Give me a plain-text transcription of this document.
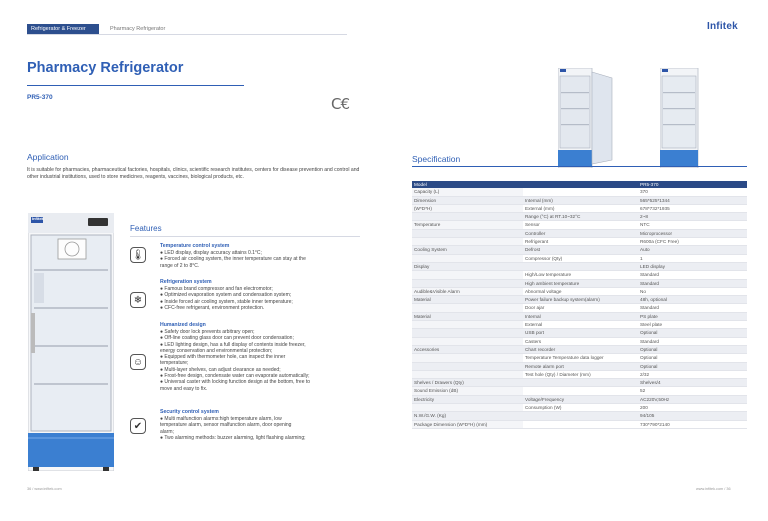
Refrigerator & Freezer	Pharmacy Refrigerator	Infitek
Pharmacy Refrigerator
PR5-370	C€
Application
It is suitable for pharmacies, pharmaceutical factories, hospitals, clinics, scientific research institutes, centers for disease prevention and control and other industrial institutions, used to store medicines, reagents, vaccines, biological products, etc.
Infitek
Features
🌡︎
Temperature control system
● LED display, display accuracy attains 0.1°C;
● Forced air cooling system, the inner temperature can stay at the
range of 2 to 8°C.
❄︎
Refrigeration system
● Famous brand compressor and fan electromotor;
● Optimized evaporation system and condensation system;
● Inside forced air cooling system, stable inner temperature;
● CFC-free refrigerant, environment protection.
☺︎
Humanized design
● Safety door lock prevents arbitrary open;
● Off-line coating glass door can prevent door condensation;
● LED lighting design, has a full display of contents inside freezer,
energy conservation and environmental protection;
● Equipped with thermometer hole, can inspect the inner
temperature;
● Multi-layer shelves, can adjust clearance as needed;
● Frost-free design, condensate water can evaporate automatically;
● Universal caster with locking function design at the bottom, free to
move and easy to fix.
✔︎
Security control system
● Multi malfunction alarms:high temperature alarm, low
temperature alarm, sensor malfunction alarm, door opening
alarm;
● Two alarming methods: buzzer alarming, light flashing alarming;
36 / www.infitek.com	www.infitek.com / 36
Specification
Model		PR5-370
Capacity (L)		370
Dimension	Internal (mm)	565*525*1344
(W*D*H)	External (mm)	678*732*1935
	Range (°C) at RT.10~32°C	2~8
Temperature	Sensor	NTC
	Controller	Microprocessor
	Refrigerant	R600a (CFC Free)
Cooling System	Defrost	Auto
	Compressor (Qty)	1
Display		LED display
	High/Low temperature	Standard
	High ambient temperature	Standard
Audible&Visible Alarm	Abnormal voltage	No
Material	Power failure backup system(alarm)	48h, optional
	Door ajar	Standard
Material	Internal	PS plate
	External	Steel plate
	USB port	Optional
	Casters	Standard
Accessories	Chart recorder	Optional
	Temperature Temperature data logger	Optional
	Remote alarm port	Optional
	Test hole (Qty) / Diameter (mm)	2/32
Shelves / Drawers (Qty)		Shelves/4
Sound Emission (dB)		52
Electricity	Voltage/Frequency	AC220V,50Hz
	Consumption (W)	200
N.W./G.W. (Kg)		94/105
Package Dimension (W*D*H) (mm)		730*790*2140
